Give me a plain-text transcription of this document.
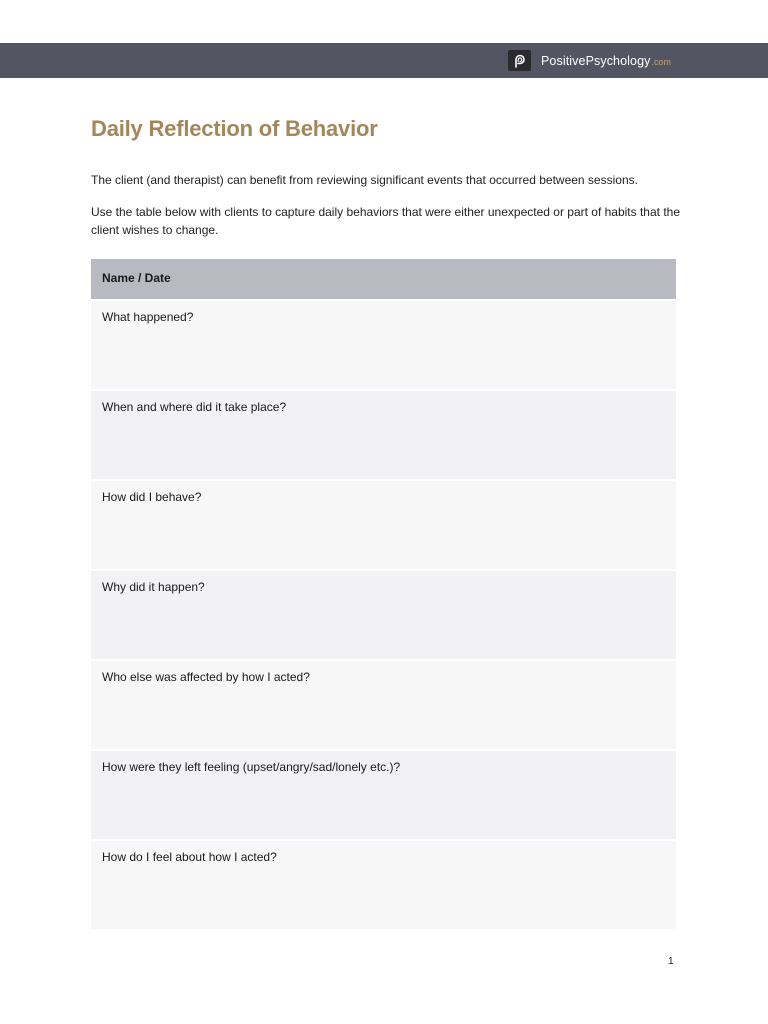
PositivePsychology .com
Daily Reflection of Behavior

The client (and therapist) can benefit from reviewing significant events that occurred between sessions.

Use the table below with clients to capture daily behaviors that were either unexpected or part of habits that the client wishes to change.

Name / Date
What happened?
When and where did it take place?
How did I behave?
Why did it happen?
Who else was affected by how I acted?
How were they left feeling (upset/angry/sad/lonely etc.)?
How do I feel about how I acted?
1
